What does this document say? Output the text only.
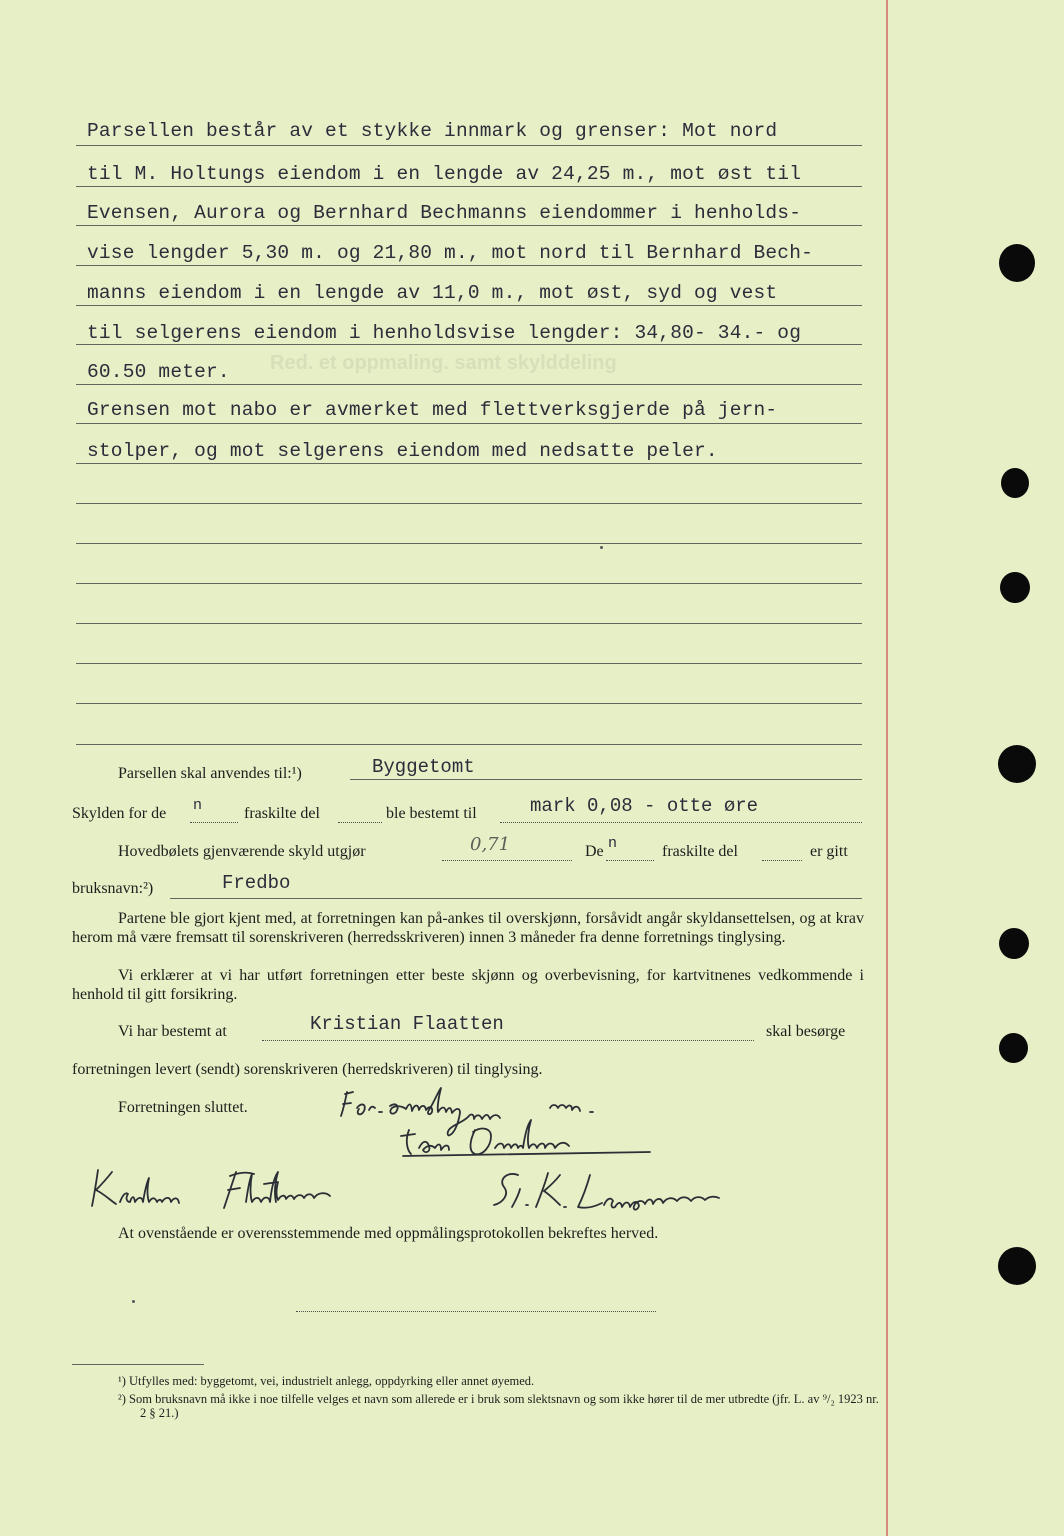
Red. et oppmaling. samt skylddeling
Parsellen består av et stykke innmark og grenser: Mot nord
til M. Holtungs eiendom i en lengde av 24,25 m., mot øst til
Evensen, Aurora og Bernhard Bechmanns eiendommer i henholds-
vise lengder 5,30 m. og 21,80 m., mot nord til Bernhard Bech-
manns eiendom i en lengde av 11,0 m., mot øst, syd og vest
til selgerens eiendom i henholdsvise lengder: 34,80- 34.- og
60.50 meter.
Grensen mot nabo er avmerket med flettverksgjerde på jern-
stolper, og mot selgerens eiendom med nedsatte peler.
Parsellen skal anvendes til:¹)	Byggetomt
Skylden for de n	fraskilte del	ble bestemt til	mark 0,08 - otte øre
Hovedbølets gjenværende skyld utgjør	0,71	De n	fraskilte del	er gitt
bruksnavn:²)	Fredbo
Partene ble gjort kjent med, at forretningen kan på-ankes til overskjønn, forsåvidt angår skyldansettelsen, og at krav herom må være fremsatt til sorenskriveren (herredsskriveren) innen 3 måneder fra denne forretnings tinglysing.
Vi erklærer at vi har utført forretningen etter beste skjønn og overbevisning, for kartvitnenes vedkommende i henhold til gitt forsikring.
Vi har bestemt at	Kristian Flaatten	skal besørge
forretningen levert (sendt) sorenskriveren (herredskriveren) til tinglysing.
Forretningen sluttet.
At ovenstående er overensstemmende med oppmålingsprotokollen bekreftes herved.
¹) Utfylles med: byggetomt, vei, industrielt anlegg, oppdyrking eller annet øyemed.
²) Som bruksnavn må ikke i noe tilfelle velges et navn som allerede er i bruk som slektsnavn og som ikke hører til de mer utbredte (jfr. L. av ⁹/₂ 1923 nr. 2 § 21.)
